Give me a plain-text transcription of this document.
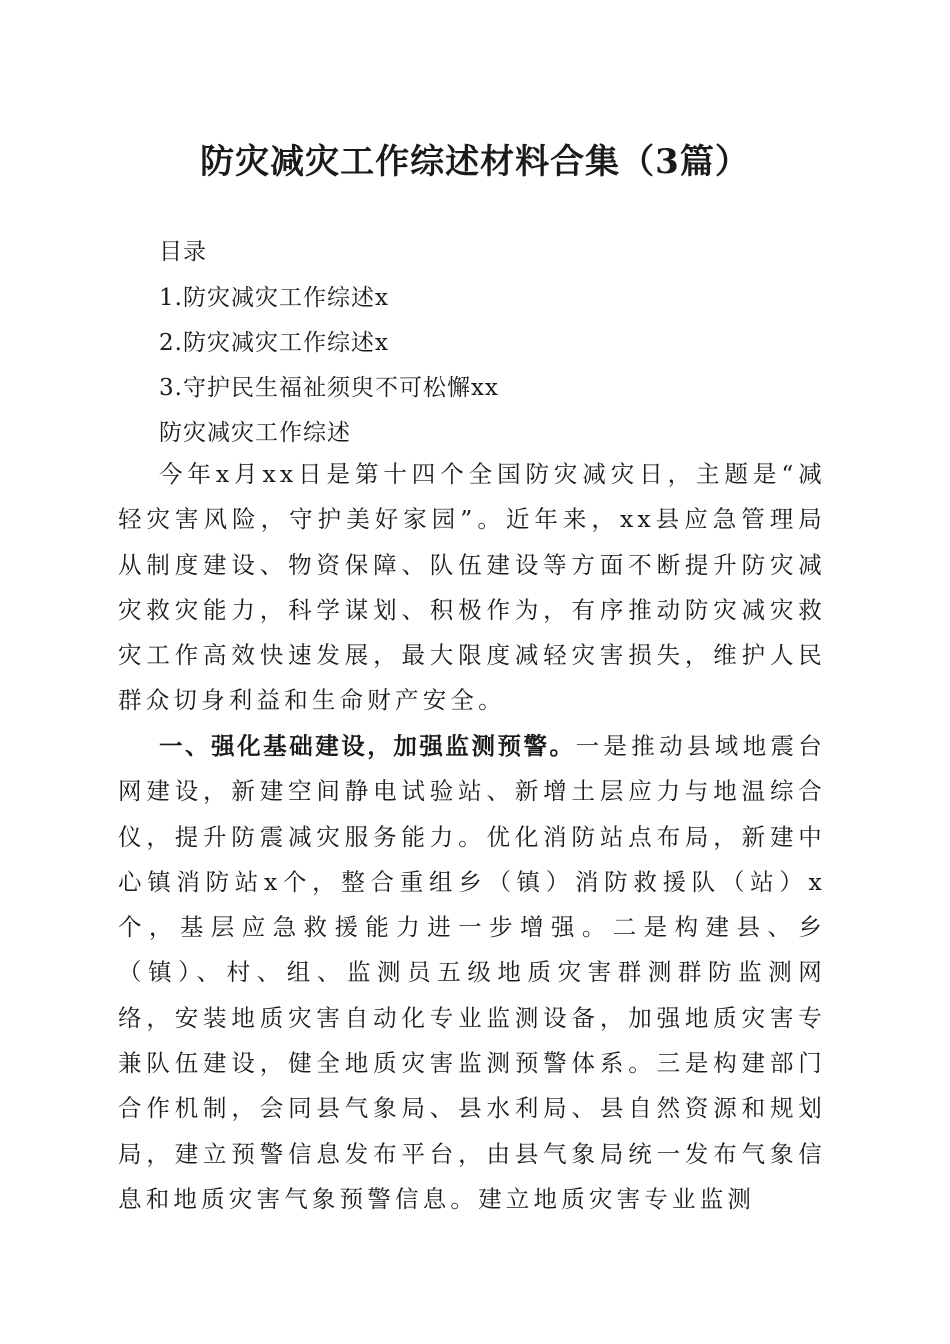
防灾减灾工作综述材料合集（3篇）
目录
1.防灾减灾工作综述x
2.防灾减灾工作综述x
3.守护民生福祉须臾不可松懈xx
防灾减灾工作综述

今年x月xx日是第十四个全国防灾减灾日，主题是“减轻灾害风险，守护美好家园”。近年来，xx县应急管理局从制度建设、物资保障、队伍建设等方面不断提升防灾减灾救灾能力，科学谋划、积极作为，有序推动防灾减灾救灾工作高效快速发展，最大限度减轻灾害损失，维护人民群众切身利益和生命财产安全。

一、强化基础建设，加强监测预警。一是推动县域地震台网建设，新建空间静电试验站、新增土层应力与地温综合仪，提升防震减灾服务能力。优化消防站点布局，新建中心镇消防站x个，整合重组乡（镇）消防救援队（站）x个，基层应急救援能力进一步增强。二是构建县、乡（镇）、村、组、监测员五级地质灾害群测群防监测网络，安装地质灾害自动化专业监测设备，加强地质灾害专兼队伍建设，健全地质灾害监测预警体系。三是构建部门合作机制，会同县气象局、县水利局、县自然资源和规划局，建立预警信息发布平台，由县气象局统一发布气象信息和地质灾害气象预警信息。建立地质灾害专业监测
